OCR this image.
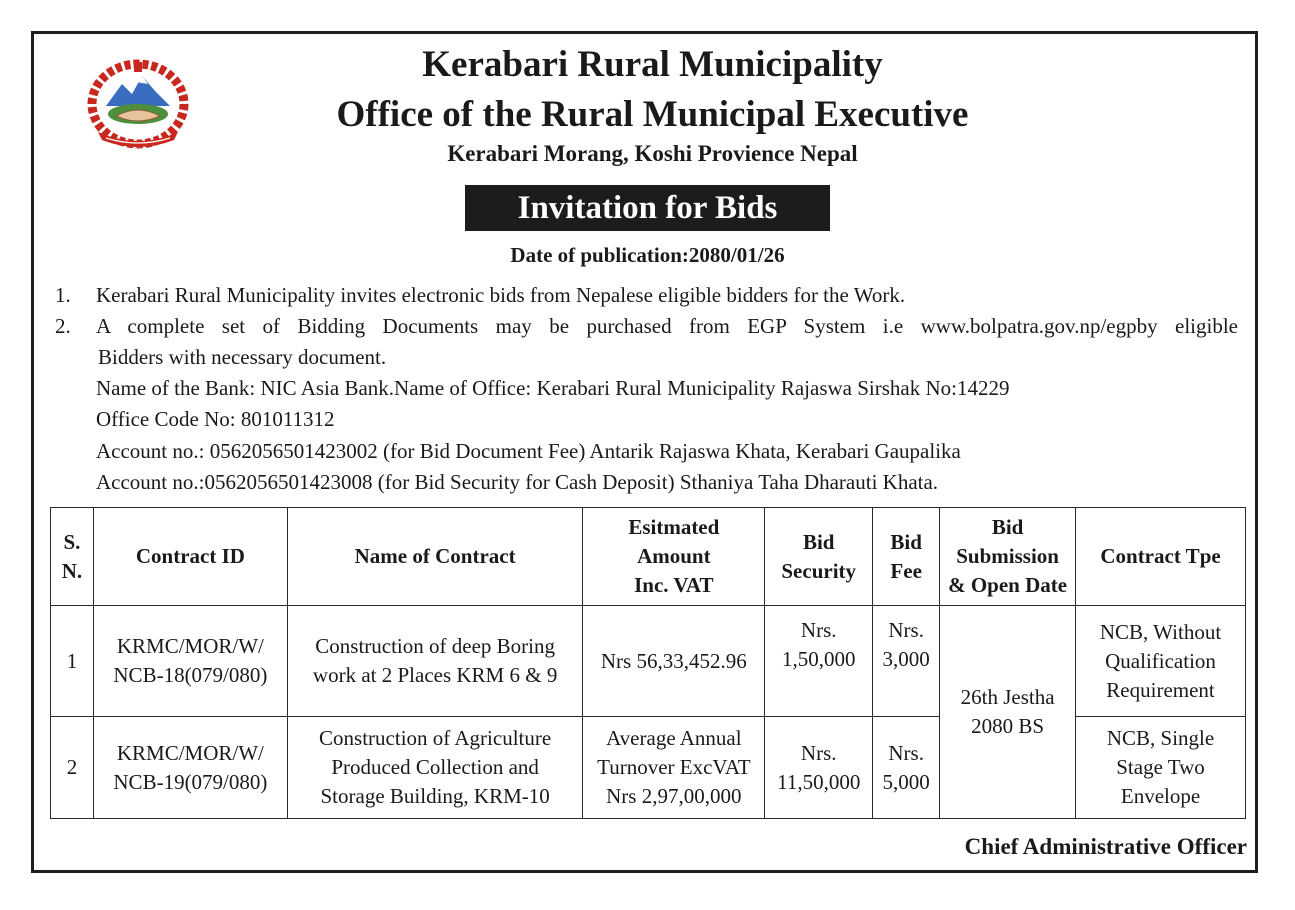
Kerabari Rural Municipality
Office of the Rural Municipal Executive
Kerabari Morang, Koshi Provience Nepal
Invitation for Bids
Date of publication:2080/01/26
1. Kerabari Rural Municipality invites electronic bids from Nepalese eligible bidders for the Work.
2. A complete set of Bidding Documents may be purchased from EGP System i.e www.bolpatra.gov.np/egpby eligible
Bidders with necessary document.
Name of the Bank: NIC Asia Bank.Name of Office: Kerabari Rural Municipality Rajaswa Sirshak No:14229
Office Code No: 801011312
Account no.: 0562056501423002 (for Bid Document Fee) Antarik Rajaswa Khata, Kerabari Gaupalika
Account no.:0562056501423008 (for Bid Security for Cash Deposit) Sthaniya Taha Dharauti Khata.
S.
N.	Contract ID	Name of Contract	Esitmated
Amount
Inc. VAT	Bid
Security	Bid
Fee	Bid
Submission
& Open Date	Contract Tpe
1	KRMC/MOR/W/
NCB-18(079/080)	Construction of deep Boring
work at 2 Places KRM 6 & 9	Nrs 56,33,452.96	Nrs.
1,50,000	Nrs.
3,000	26th Jestha
2080 BS	NCB, Without
Qualification
Requirement
2	KRMC/MOR/W/
NCB-19(079/080)	Construction of Agriculture
Produced Collection and
Storage Building, KRM-10	Average Annual
Turnover ExcVAT
Nrs 2,97,00,000	Nrs.
11,50,000	Nrs.
5,000		NCB, Single
Stage Two
Envelope
Chief Administrative Officer
